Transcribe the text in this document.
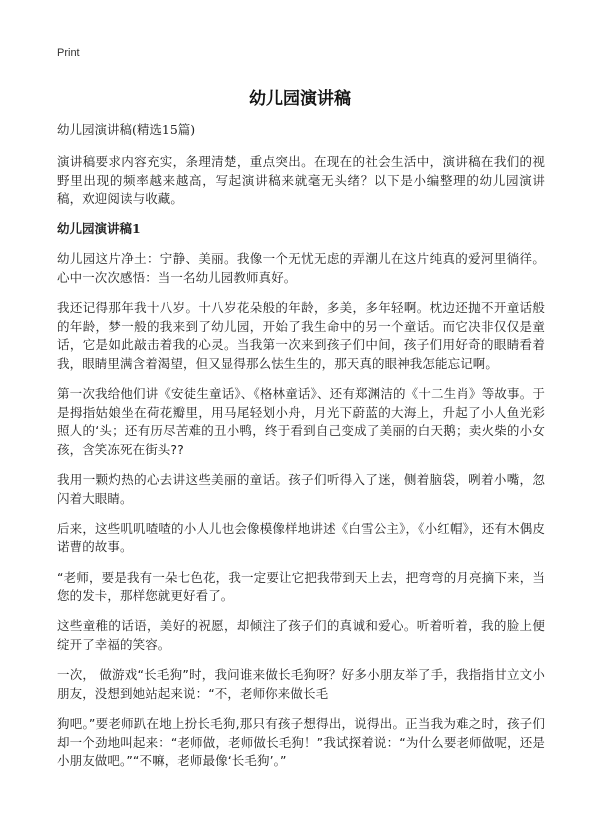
Print
幼儿园演讲稿

幼儿园演讲稿(精选15篇)

演讲稿要求内容充实，条理清楚，重点突出。在现在的社会生活中，演讲稿在我们的视野里出现的频率越来越高，写起演讲稿来就毫无头绪？以下是小编整理的幼儿园演讲稿，欢迎阅读与收藏。

幼儿园演讲稿1

幼儿园这片净土：宁静、美丽。我像一个无忧无虑的弄潮儿在这片纯真的爱河里徜徉。心中一次次感悟：当一名幼儿园教师真好。

我还记得那年我十八岁。十八岁花朵般的年龄，多美，多年轻啊。枕边还抛不开童话般的年龄，梦一般的我来到了幼儿园，开始了我生命中的另一个童话。而它决非仅仅是童话，它是如此敲击着我的心灵。当我第一次来到孩子们中间，孩子们用好奇的眼睛看着我，眼睛里满含着渴望，但又显得那么怯生生的，那天真的眼神我怎能忘记啊。

第一次我给他们讲《安徒生童话》、《格林童话》、还有郑渊洁的《十二生肖》等故事。于是拇指姑娘坐在荷花瓣里，用马尾轻划小舟，月光下蔚蓝的大海上，升起了小人鱼光彩照人的‘头；还有历尽苦难的丑小鸭，终于看到自己变成了美丽的白天鹅；卖火柴的小女孩，含笑冻死在街头??

我用一颗灼热的心去讲这些美丽的童话。孩子们听得入了迷，侧着脑袋，咧着小嘴，忽闪着大眼睛。

后来，这些叽叽喳喳的小人儿也会像模像样地讲述《白雪公主》，《小红帽》，还有木偶皮诺曹的故事。

“老师，要是我有一朵七色花，我一定要让它把我带到天上去，把弯弯的月亮摘下来，当您的发卡，那样您就更好看了。

这些童稚的话语，美好的祝愿，却倾注了孩子们的真诚和爱心。听着听着，我的脸上便绽开了幸福的笑容。

一次， 做游戏“长毛狗”时，我问谁来做长毛狗呀？好多小朋友举了手，我指指甘立文小朋友，没想到她站起来说：“不，老师你来做长毛

狗吧。”要老师趴在地上扮长毛狗,那只有孩子想得出，说得出。正当我为难之时，孩子们却一个劲地叫起来：“老师做，老师做长毛狗！”我试探着说：“为什么要老师做呢，还是小朋友做吧。”“不嘛，老师最像‘长毛狗’。”
